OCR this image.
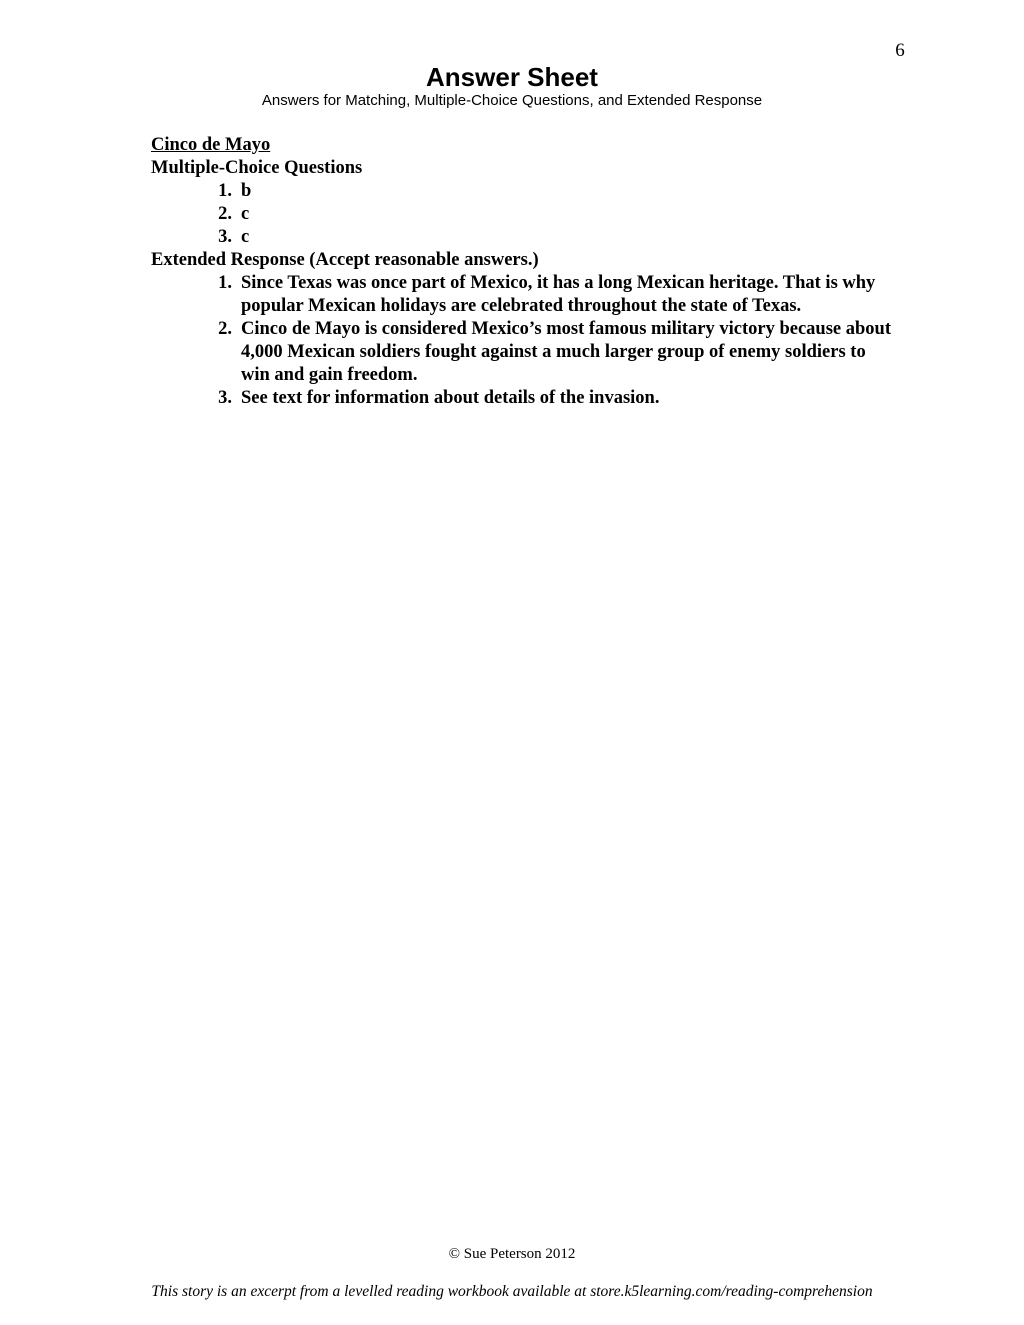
6
Answer Sheet
Answers for Matching, Multiple-Choice Questions, and Extended Response
Cinco de Mayo
Multiple-Choice Questions
1. b
2. c
3. c
Extended Response (Accept reasonable answers.)
1. Since Texas was once part of Mexico, it has a long Mexican heritage. That is why popular Mexican holidays are celebrated throughout the state of Texas.
2. Cinco de Mayo is considered Mexico’s most famous military victory because about 4,000 Mexican soldiers fought against a much larger group of enemy soldiers to win and gain freedom.
3. See text for information about details of the invasion.
© Sue Peterson 2012
This story is an excerpt from a levelled reading workbook available at store.k5learning.com/reading-comprehension
